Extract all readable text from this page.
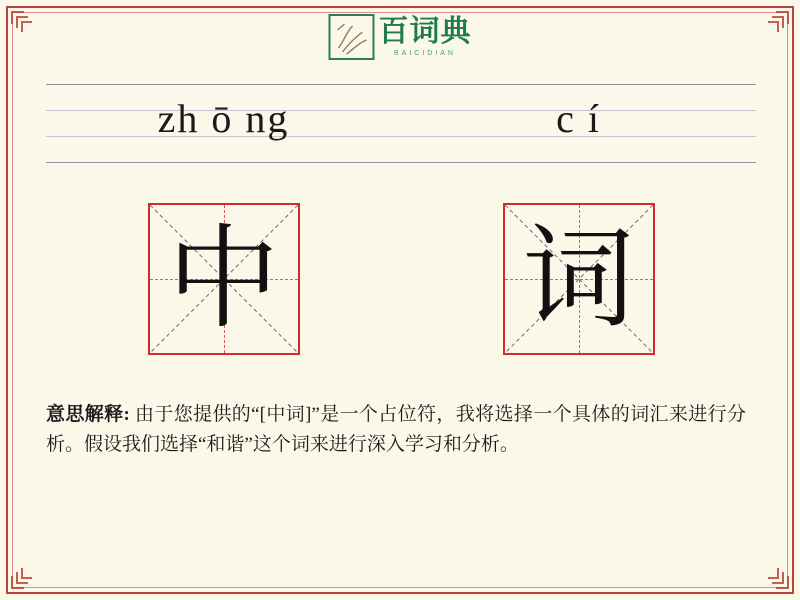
百词典
BAICIDIAN
zh ō ng	c í
中 词
意思解释: 由于您提供的“[中词]”是一个占位符，我将选择一个具体的词汇来进行分析。假设我们选择“和谐”这个词来进行深入学习和分析。
